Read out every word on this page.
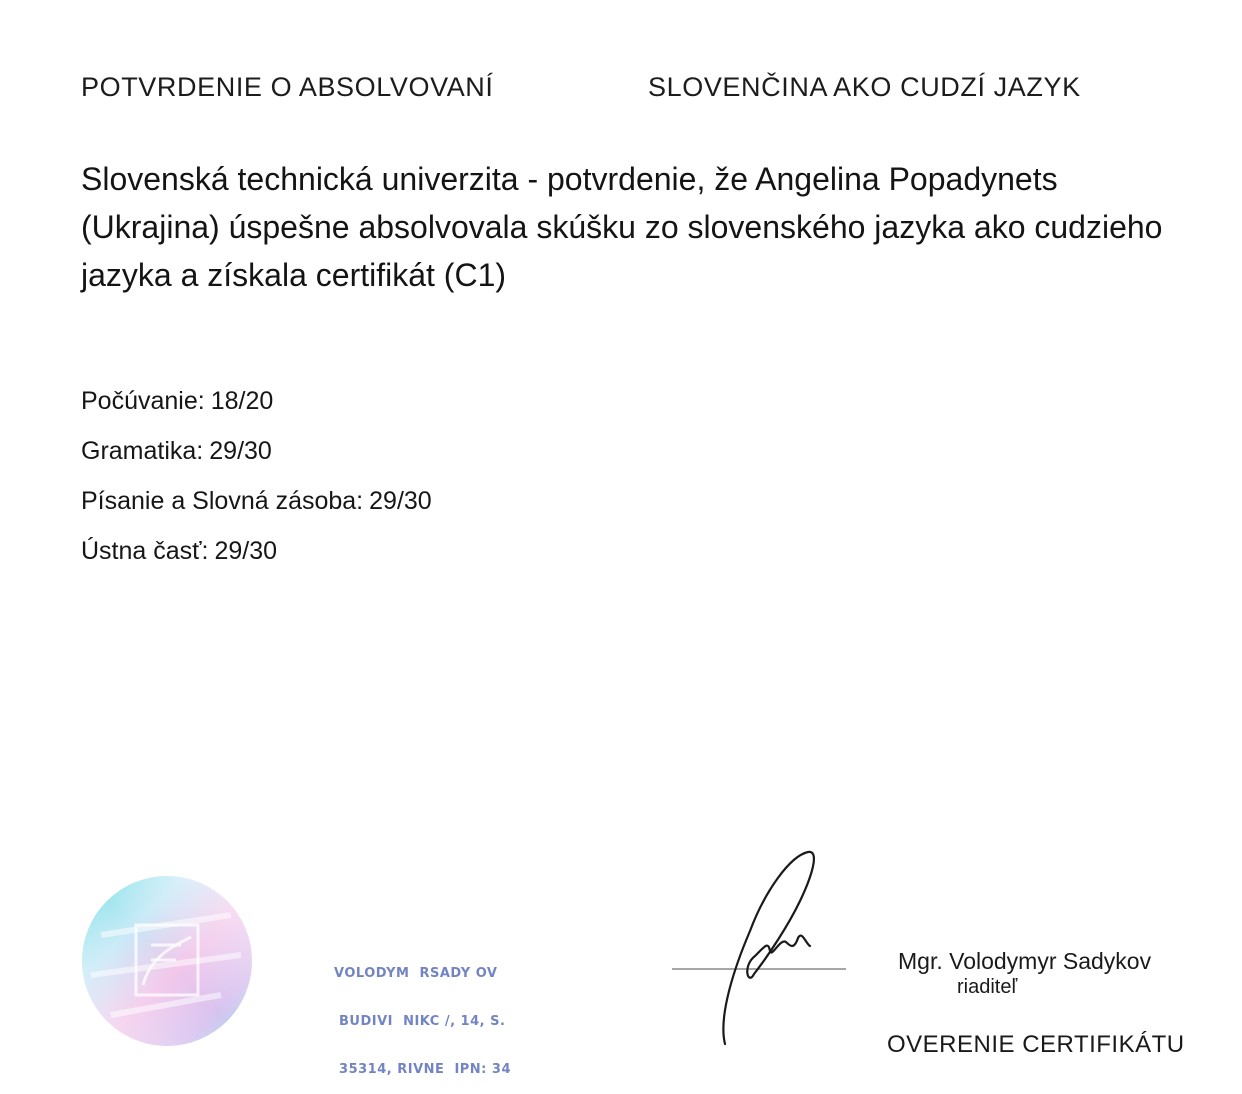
POTVRDENIE O ABSOLVOVANÍ	SLOVENČINA AKO CUDZÍ JAZYK
Slovenská technická univerzita - potvrdenie, že Angelina Popadynets (Ukrajina) úspešne absolvovala skúšku zo slovenského jazyka ako cudzieho jazyka a získala certifikát (C1)
Počúvanie: 18/20
Gramatika: 29/30
Písanie a Slovná zásoba: 29/30
Ústna časť: 29/30

VOLODYM  RSADY OV

BUDIVI  NIKC /, 14, S.

35314, RIVNE  IPN: 34

Mgr. Volodymyr Sadykov
riaditeľ
OVERENIE CERTIFIKÁTU
